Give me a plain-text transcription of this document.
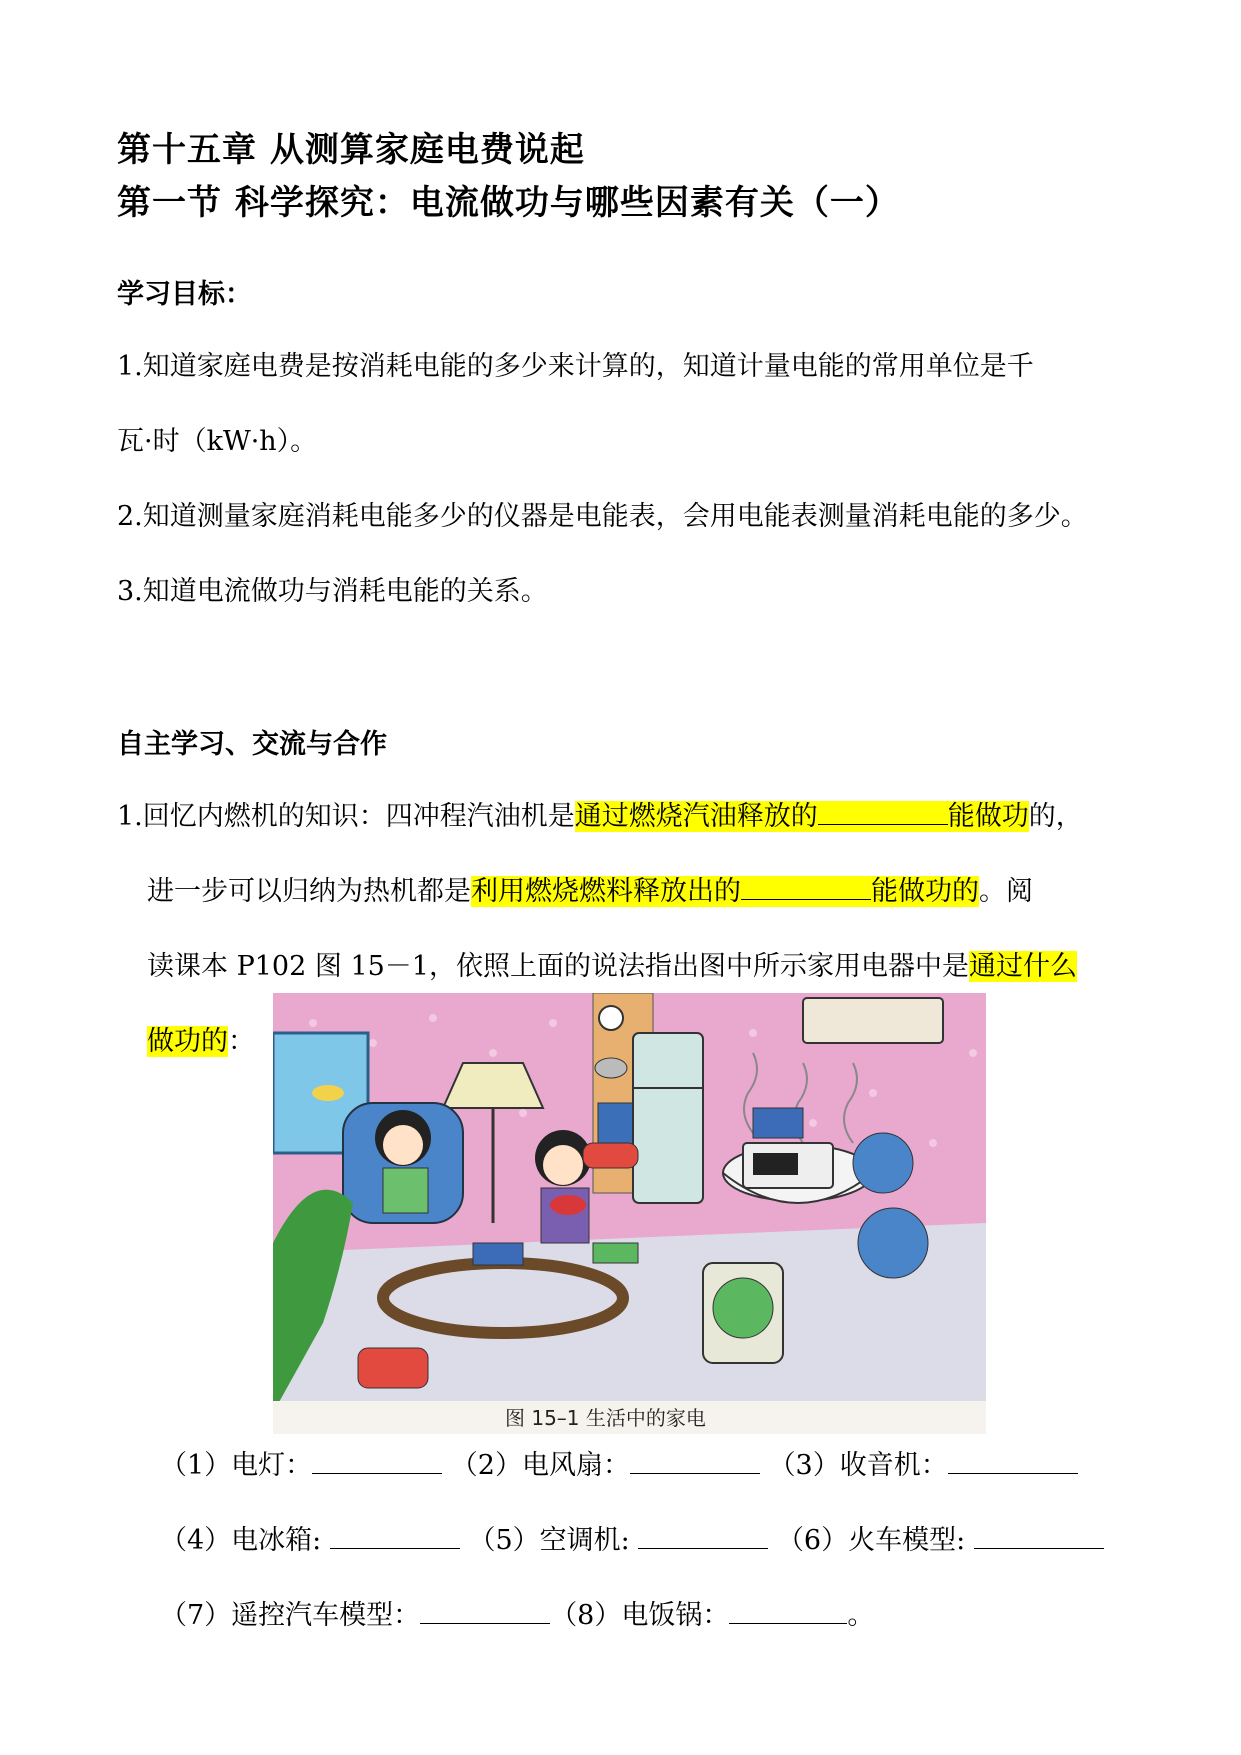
第十五章 从测算家庭电费说起
第一节 科学探究：电流做功与哪些因素有关（一）
学习目标：
1.知道家庭电费是按消耗电能的多少来计算的，知道计量电能的常用单位是千
瓦·时（kW·h）。
2.知道测量家庭消耗电能多少的仪器是电能表，会用电能表测量消耗电能的多少。
3.知道电流做功与消耗电能的关系。
自主学习、交流与合作
1.回忆内燃机的知识：四冲程汽油机是通过燃烧汽油释放的	能做功的，
进一步可以归纳为热机都是利用燃烧燃料释放出的	能做功的。阅
读课本 P102 图 15－1，依照上面的说法指出图中所示家用电器中是通过什么
做功的：
图 15–1 生活中的家电
（1）电灯：	（2）电风扇：	（3）收音机：
（4）电冰箱:	（5）空调机:	（6）火车模型:
（7）遥控汽车模型：	（8）电饭锅：	。
